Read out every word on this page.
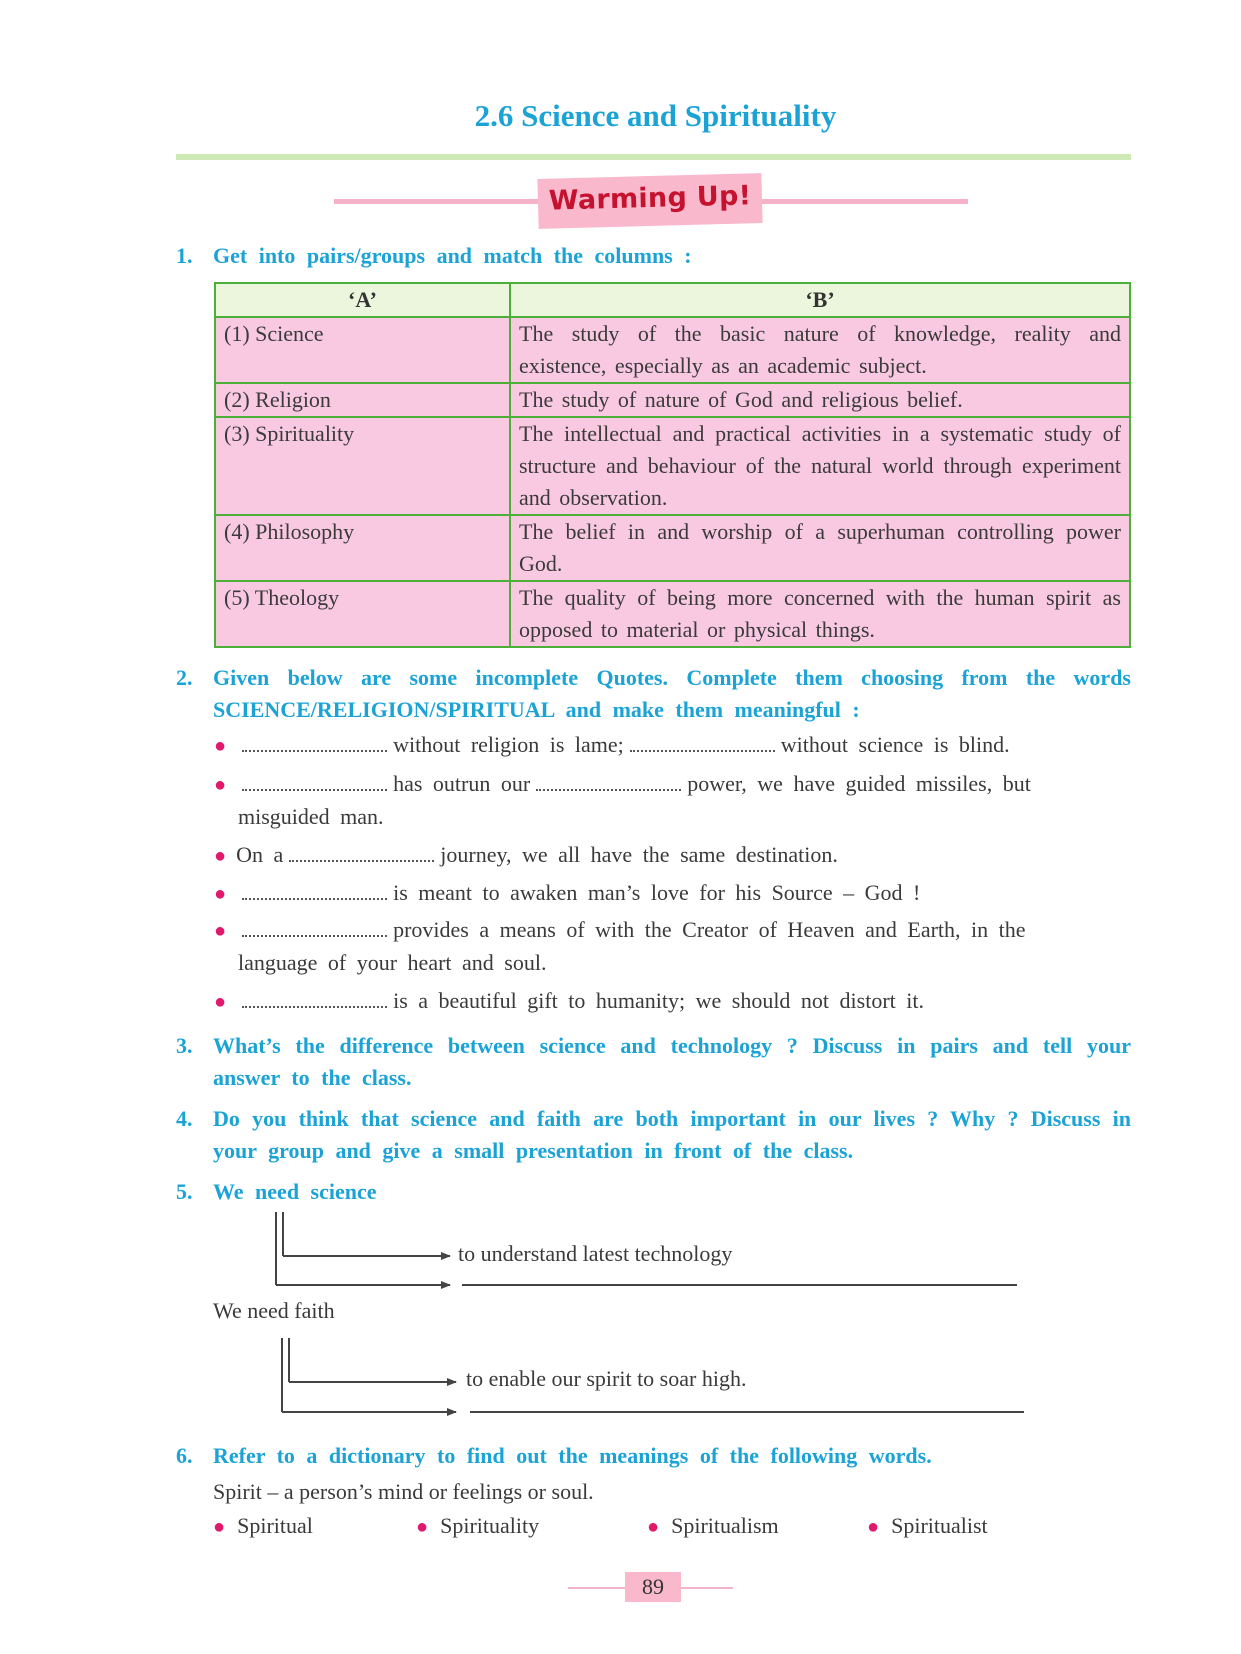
2.6 Science and Spirituality
Warming Up!
1. Get into pairs/groups and match the columns :
‘A’	‘B’
(1) Science	The study of the basic nature of knowledge, reality and existence, especially as an academic subject.
(2) Religion	The study of nature of God and religious belief.
(3) Spirituality	The intellectual and practical activities in a systematic study of structure and behaviour of the natural world through experiment and observation.
(4) Philosophy	The belief in and worship of a superhuman controlling power God.
(5) Theology	The quality of being more concerned with the human spirit as opposed to material or physical things.
2. Given below are some incomplete Quotes. Complete them choosing from the words SCIENCE/RELIGION/SPIRITUAL and make them meaningful :
●	without religion is lame;	without science is blind.
●	has outrun our	power, we have guided missiles, but
misguided man.
● On a	journey, we all have the same destination.
●	is meant to awaken man’s love for his Source – God !
●	provides a means of with the Creator of Heaven and Earth, in the
language of your heart and soul.
●	is a beautiful gift to humanity; we should not distort it.
3. What’s the difference between science and technology ? Discuss in pairs and tell your answer to the class.
4. Do you think that science and faith are both important in our lives ? Why ? Discuss in your group and give a small presentation in front of the class.
5. We need science
to understand latest technology
We need faith
to enable our spirit to soar high.
6. Refer to a dictionary to find out the meanings of the following words.
Spirit – a person’s mind or feelings or soul.
● Spiritual	● Spirituality	● Spiritualism	● Spiritualist
89
